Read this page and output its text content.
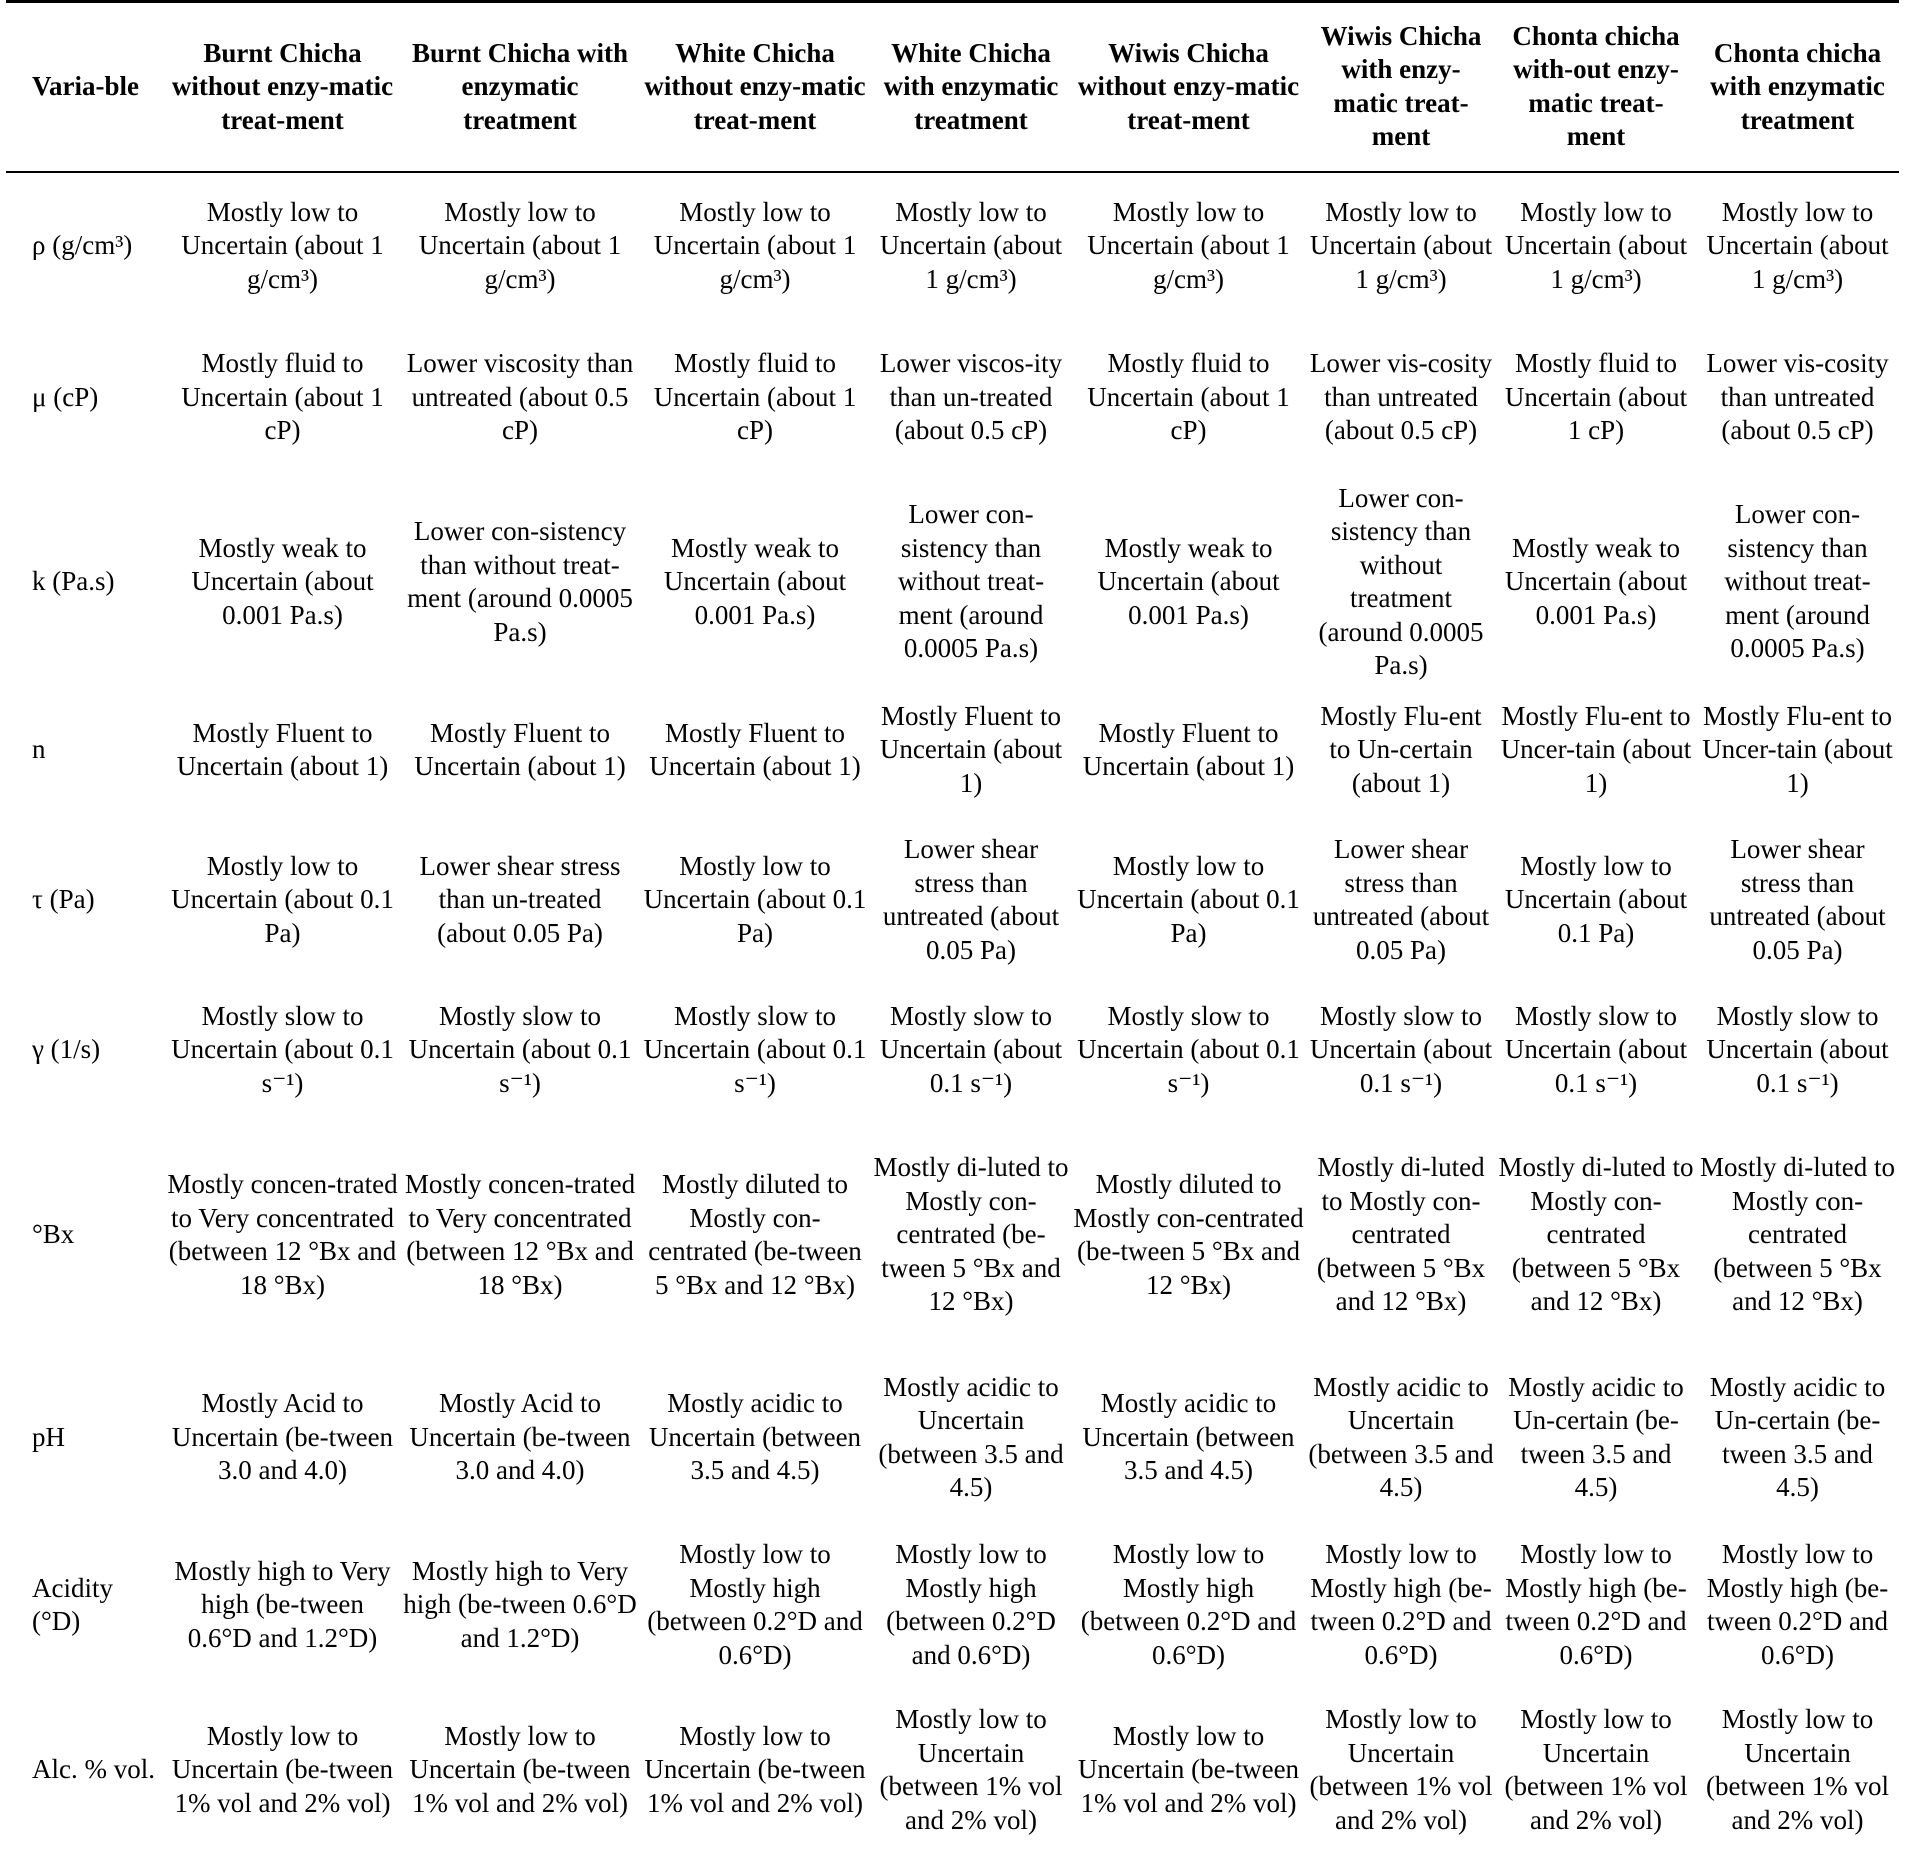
Varia-ble	Burnt Chicha without enzy-matic treat-ment	Burnt Chicha with enzymatic treatment	White Chicha without enzy-matic treat-ment	White Chicha with enzymatic treatment	Wiwis Chicha without enzy-matic treat-ment	Wiwis Chicha with enzy-matic treat-ment	Chonta chicha with-out enzy-matic treat-ment	Chonta chicha with enzymatic treatment
ρ (g/cm³)	Mostly low to Uncertain (about 1 g/cm³)	Mostly low to Uncertain (about 1 g/cm³)	Mostly low to Uncertain (about 1 g/cm³)	Mostly low to Uncertain (about 1 g/cm³)	Mostly low to Uncertain (about 1 g/cm³)	Mostly low to Uncertain (about 1 g/cm³)	Mostly low to Uncertain (about 1 g/cm³)	Mostly low to Uncertain (about 1 g/cm³)
μ (cP)	Mostly fluid to Uncertain (about 1 cP)	Lower viscosity than untreated (about 0.5 cP)	Mostly fluid to Uncertain (about 1 cP)	Lower viscos-ity than un-treated (about 0.5 cP)	Mostly fluid to Uncertain (about 1 cP)	Lower vis-cosity than untreated (about 0.5 cP)	Mostly fluid to Uncertain (about 1 cP)	Lower vis-cosity than untreated (about 0.5 cP)
k (Pa.s)	Mostly weak to Uncertain (about 0.001 Pa.s)	Lower con-sistency than without treat-ment (around 0.0005 Pa.s)	Mostly weak to Uncertain (about 0.001 Pa.s)	Lower con-sistency than without treat-ment (around 0.0005 Pa.s)	Mostly weak to Uncertain (about 0.001 Pa.s)	Lower con-sistency than without treatment (around 0.0005 Pa.s)	Mostly weak to Uncertain (about 0.001 Pa.s)	Lower con-sistency than without treat-ment (around 0.0005 Pa.s)
n	Mostly Fluent to Uncertain (about 1)	Mostly Fluent to Uncertain (about 1)	Mostly Fluent to Uncertain (about 1)	Mostly Fluent to Uncertain (about 1)	Mostly Fluent to Uncertain (about 1)	Mostly Flu-ent to Un-certain (about 1)	Mostly Flu-ent to Uncer-tain (about 1)	Mostly Flu-ent to Uncer-tain (about 1)
τ (Pa)	Mostly low to Uncertain (about 0.1 Pa)	Lower shear stress than un-treated (about 0.05 Pa)	Mostly low to Uncertain (about 0.1 Pa)	Lower shear stress than untreated (about 0.05 Pa)	Mostly low to Uncertain (about 0.1 Pa)	Lower shear stress than untreated (about 0.05 Pa)	Mostly low to Uncertain (about 0.1 Pa)	Lower shear stress than untreated (about 0.05 Pa)
γ (1/s)	Mostly slow to Uncertain (about 0.1 s⁻¹)	Mostly slow to Uncertain (about 0.1 s⁻¹)	Mostly slow to Uncertain (about 0.1 s⁻¹)	Mostly slow to Uncertain (about 0.1 s⁻¹)	Mostly slow to Uncertain (about 0.1 s⁻¹)	Mostly slow to Uncertain (about 0.1 s⁻¹)	Mostly slow to Uncertain (about 0.1 s⁻¹)	Mostly slow to Uncertain (about 0.1 s⁻¹)
°Bx	Mostly concen-trated to Very concentrated (between 12 °Bx and 18 °Bx)	Mostly concen-trated to Very concentrated (between 12 °Bx and 18 °Bx)	Mostly diluted to Mostly con-centrated (be-tween 5 °Bx and 12 °Bx)	Mostly di-luted to Mostly con-centrated (be-tween 5 °Bx and 12 °Bx)	Mostly diluted to Mostly con-centrated (be-tween 5 °Bx and 12 °Bx)	Mostly di-luted to Mostly con-centrated (between 5 °Bx and 12 °Bx)	Mostly di-luted to Mostly con-centrated (between 5 °Bx and 12 °Bx)	Mostly di-luted to Mostly con-centrated (between 5 °Bx and 12 °Bx)
pH	Mostly Acid to Uncertain (be-tween 3.0 and 4.0)	Mostly Acid to Uncertain (be-tween 3.0 and 4.0)	Mostly acidic to Uncertain (between 3.5 and 4.5)	Mostly acidic to Uncertain (between 3.5 and 4.5)	Mostly acidic to Uncertain (between 3.5 and 4.5)	Mostly acidic to Uncertain (between 3.5 and 4.5)	Mostly acidic to Un-certain (be-tween 3.5 and 4.5)	Mostly acidic to Un-certain (be-tween 3.5 and 4.5)
Acidity (°D)	Mostly high to Very high (be-tween 0.6°D and 1.2°D)	Mostly high to Very high (be-tween 0.6°D and 1.2°D)	Mostly low to Mostly high (between 0.2°D and 0.6°D)	Mostly low to Mostly high (between 0.2°D and 0.6°D)	Mostly low to Mostly high (between 0.2°D and 0.6°D)	Mostly low to Mostly high (be-tween 0.2°D and 0.6°D)	Mostly low to Mostly high (be-tween 0.2°D and 0.6°D)	Mostly low to Mostly high (be-tween 0.2°D and 0.6°D)
Alc. % vol.	Mostly low to Uncertain (be-tween 1% vol and 2% vol)	Mostly low to Uncertain (be-tween 1% vol and 2% vol)	Mostly low to Uncertain (be-tween 1% vol and 2% vol)	Mostly low to Uncertain (between 1% vol and 2% vol)	Mostly low to Uncertain (be-tween 1% vol and 2% vol)	Mostly low to Uncertain (between 1% vol and 2% vol)	Mostly low to Uncertain (between 1% vol and 2% vol)	Mostly low to Uncertain (between 1% vol and 2% vol)
